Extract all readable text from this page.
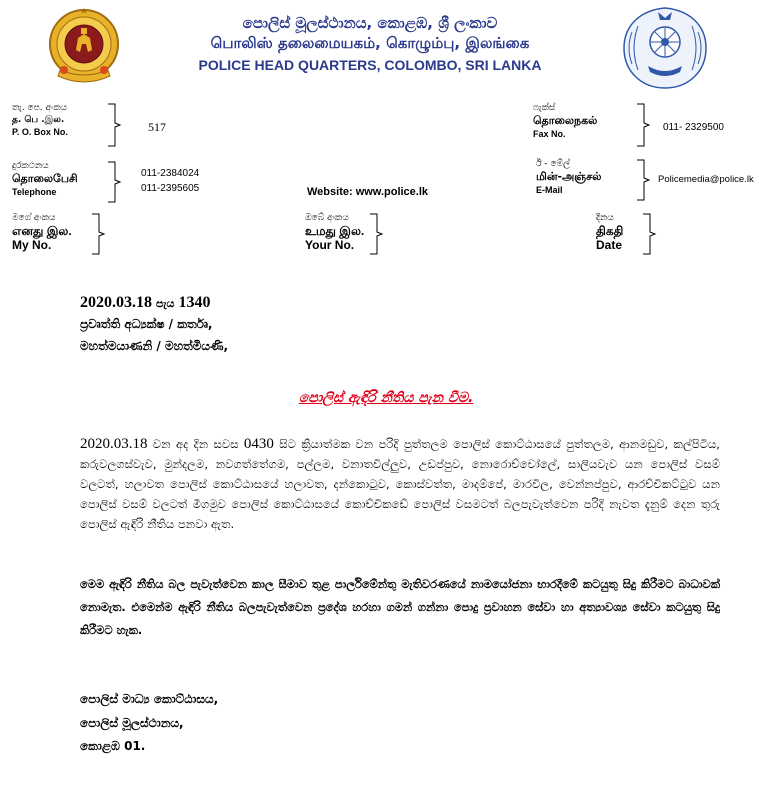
පොලිස් මූලස්ථානය, කොළඹ, ශ්‍රී ලංකාව
பொலிஸ் தலைமையகம், கொழும்பு, இலங்கை
POLICE HEAD QUARTERS, COLOMBO, SRI LANKA
තැ. පෙ. අංකය
த. பெ .இல.
P. O. Box No.	517
ෆැක්ස්
தொலைநகல்
Fax No.
011- 2329500
දුරකථනය
தொலைபேசி
Telephone
011-2384024
011-2395605	Website: www.police.lk
ඊ - මේල්
மின்-அஞ்சல்
E-Mail
Policemedia@police.lk
මගේ අංකය
எனது இல.
My No.
ඔබේ අංකය
உமது இல.
Your No.
දිනය
திகதி
Date
2020.03.18 පැය 1340
ප්‍රවෘත්ති අධ්‍යක්ෂ / කර්තෘ,
මහත්මයාණනි / මහත්මියණි,
පොලිස් ඇඳිරි නීතිය පැන වීම.
2020.03.18 වන අද දින සවස 0430 සිට ක්‍රියාත්මක වන පරිදි පුත්තලම පොලිස් කොට්ඨාසයේ පුත්තලම, ආනමඩුව, කල්පිටිය, කරුවලගස්වැව, මුන්දලම, නවගත්තේගම, පල්ලම, වනාතවිල්ලුව, උඩප්පුව, නොරොච්චෝලේ, සාලියවැව යන පොලිස් වසම් වලටත්, හලාවත පොලිස් කොට්ඨාසයේ හලාවත, දන්කොටුව, කොස්වත්ත, මාදම්පේ, මාරවිල, වෙන්නප්පුව, ආරච්චිකට්ටුව යන පොලිස් වසම් වලටත් මීගමුව පොලිස් කොට්ඨාසයේ කොච්චිකඩේ පොලිස් වසමටත් බලපැවැත්වෙන පරිදි නැවත දැනුම් දෙන තුරු පොලිස් ඇඳිරි නීතිය පනවා ඇත.
මෙම ඇඳිරි නීතිය බල පැවැත්වෙන කාල සීමාව තුළ පාර්ලිමේන්තු මැතිවරණයේ නාමයෝජනා භාරදීමේ කටයුතු සිදු කිරීමට බාධාවක් නොමැත. එමෙන්ම ඇඳිරි නීතිය බලපැවැත්වෙන ප්‍රදේශ හරහා ගමන් ගන්නා පොදු ප්‍රවාහන සේවා හා අත්‍යාවශ්‍ය සේවා කටයුතු සිදු කිරීමට හැක.
පොලිස් මාධ්‍ය කොට්ඨාසය,
පොලිස් මූලස්ථානය,
කොළඹ 01.
